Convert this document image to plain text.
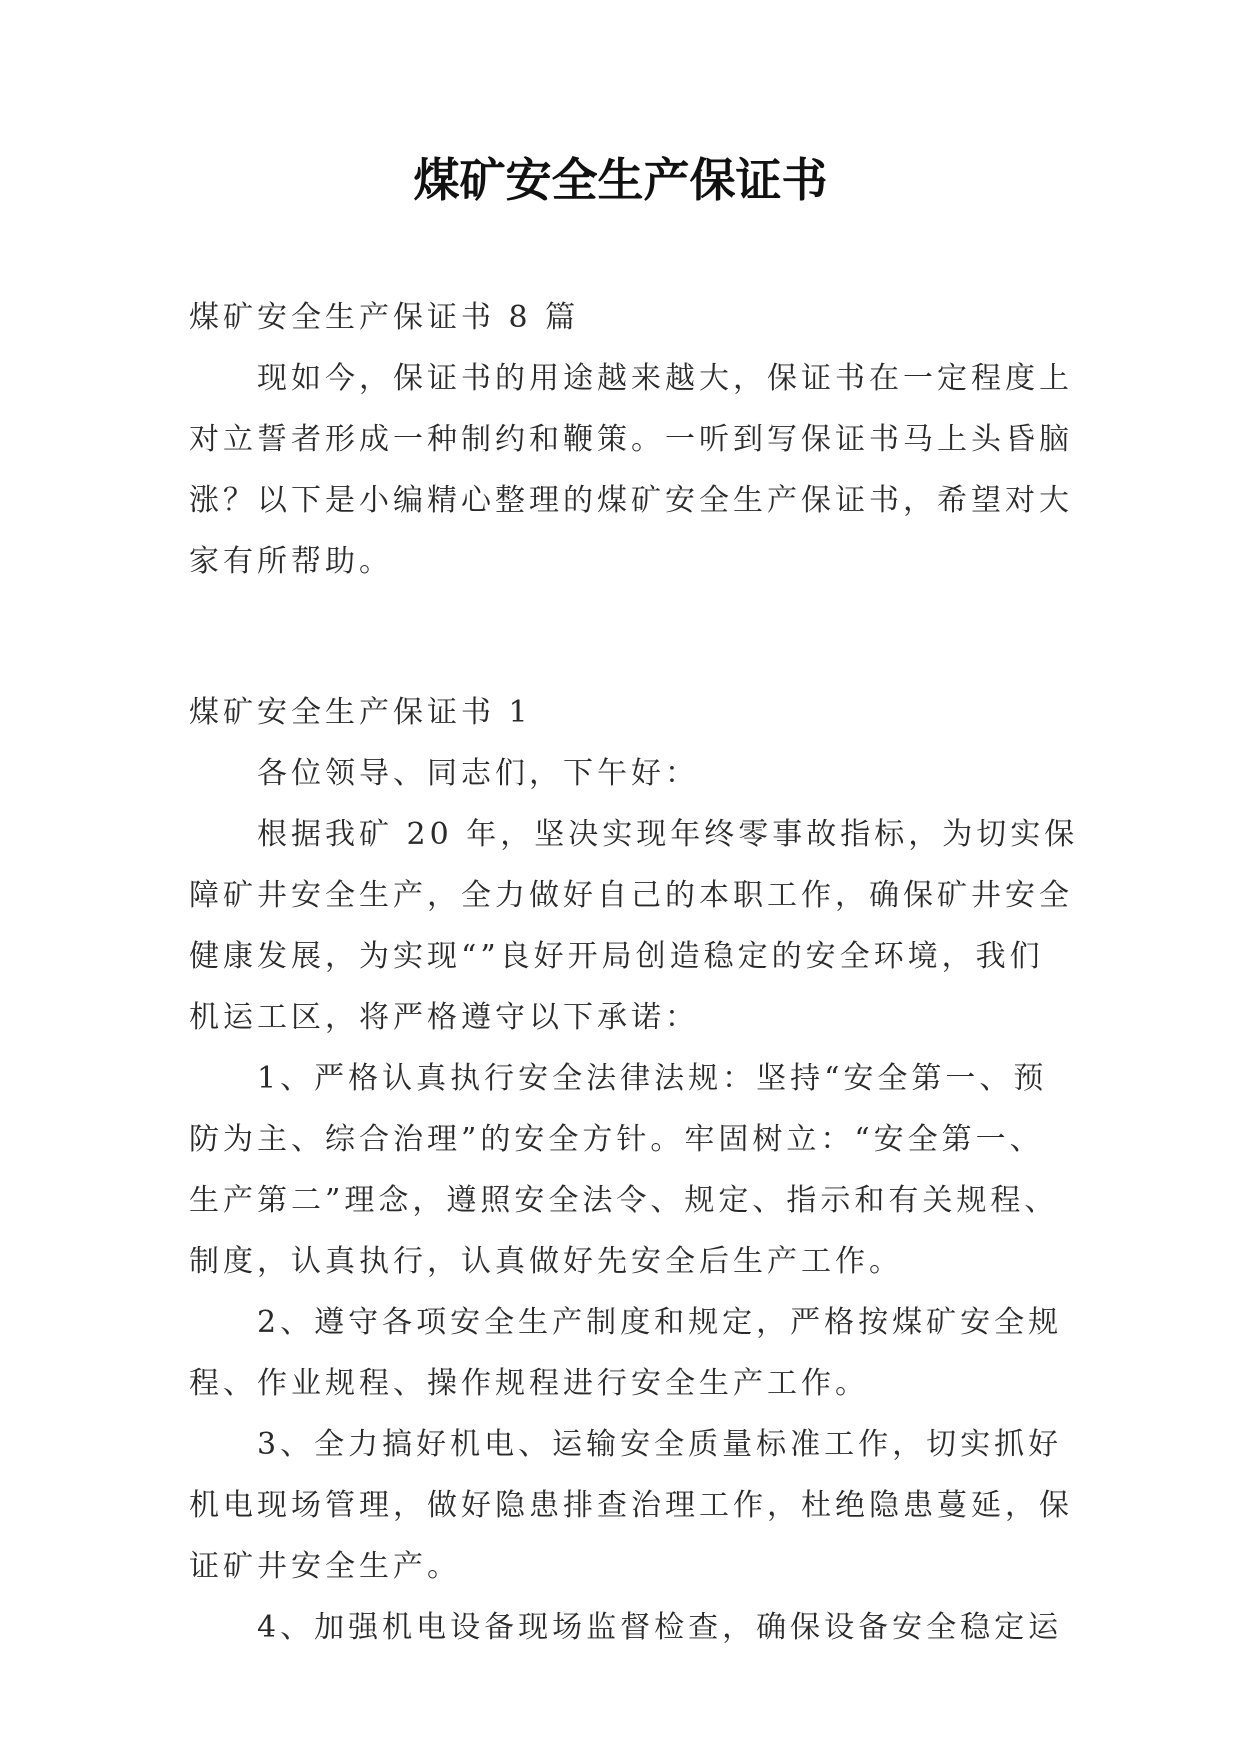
煤矿安全生产保证书

煤矿安全生产保证书 8 篇

现如今，保证书的用途越来越大，保证书在一定程度上
对立誓者形成一种制约和鞭策。一听到写保证书马上头昏脑
涨？以下是小编精心整理的煤矿安全生产保证书，希望对大
家有所帮助。

煤矿安全生产保证书 1

各位领导、同志们，下午好：

根据我矿 20 年，坚决实现年终零事故指标，为切实保
障矿井安全生产，全力做好自己的本职工作，确保矿井安全
健康发展，为实现“”良好开局创造稳定的安全环境，我们
机运工区，将严格遵守以下承诺：

1、严格认真执行安全法律法规：坚持“安全第一、预
防为主、综合治理”的安全方针。牢固树立：“安全第一、
生产第二”理念，遵照安全法令、规定、指示和有关规程、
制度，认真执行，认真做好先安全后生产工作。

2、遵守各项安全生产制度和规定，严格按煤矿安全规
程、作业规程、操作规程进行安全生产工作。

3、全力搞好机电、运输安全质量标准工作，切实抓好
机电现场管理，做好隐患排查治理工作，杜绝隐患蔓延，保
证矿井安全生产。

4、加强机电设备现场监督检查，确保设备安全稳定运
